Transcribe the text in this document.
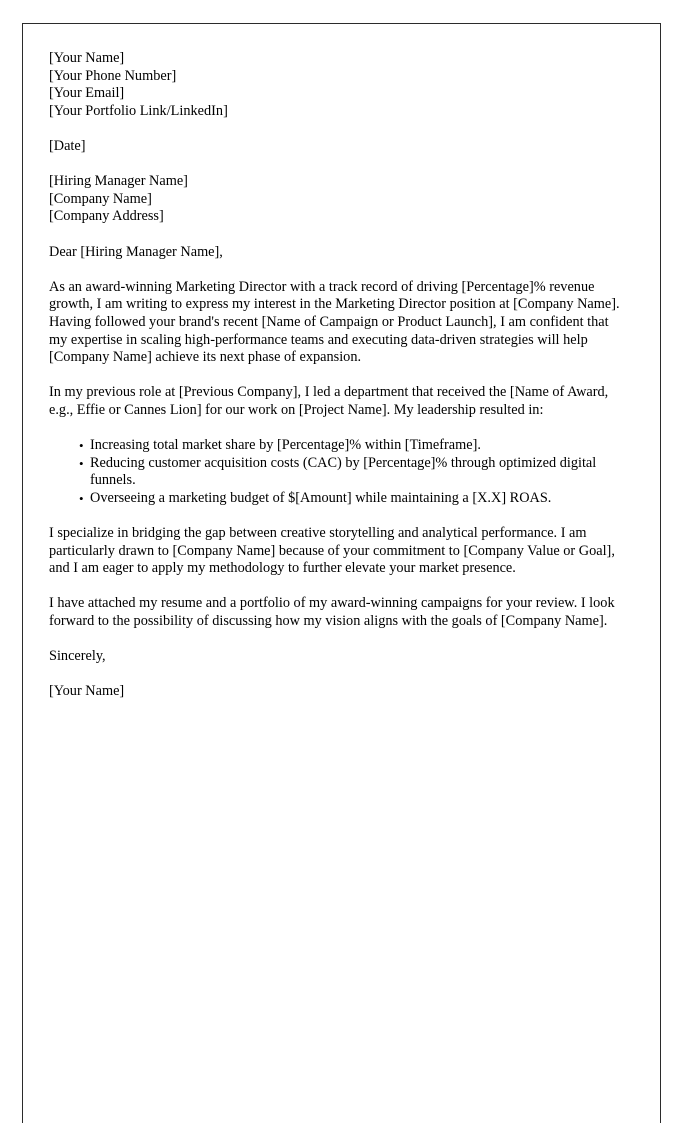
[Your Name]
[Your Phone Number]
[Your Email]
[Your Portfolio Link/LinkedIn]
[Date]
[Hiring Manager Name]
[Company Name]
[Company Address]

Dear [Hiring Manager Name],

As an award-winning Marketing Director with a track record of driving [Percentage]% revenue growth, I am writing to express my interest in the Marketing Director position at [Company Name]. Having followed your brand's recent [Name of Campaign or Product Launch], I am confident that my expertise in scaling high-performance teams and executing data-driven strategies will help [Company Name] achieve its next phase of expansion.

In my previous role at [Previous Company], I led a department that received the [Name of Award, e.g., Effie or Cannes Lion] for our work on [Project Name]. My leadership resulted in:

• Increasing total market share by [Percentage]% within [Timeframe].
• Reducing customer acquisition costs (CAC) by [Percentage]% through optimized digital funnels.
• Overseeing a marketing budget of $[Amount] while maintaining a [X.X] ROAS.

I specialize in bridging the gap between creative storytelling and analytical performance. I am particularly drawn to [Company Name] because of your commitment to [Company Value or Goal], and I am eager to apply my methodology to further elevate your market presence.

I have attached my resume and a portfolio of my award-winning campaigns for your review. I look forward to the possibility of discussing how my vision aligns with the goals of [Company Name].

Sincerely,

[Your Name]
